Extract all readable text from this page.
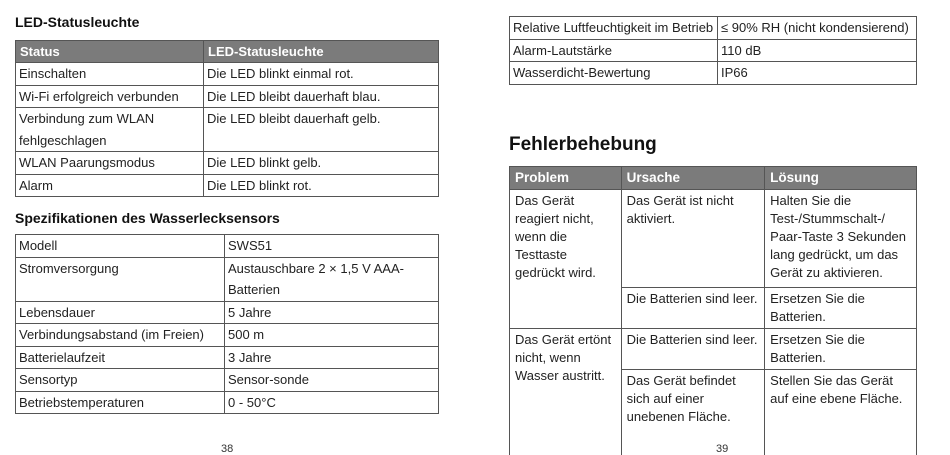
LED-Statusleuchte
Status	LED-Statusleuchte
Einschalten	Die LED blinkt einmal rot.
Wi-Fi erfolgreich verbunden	Die LED bleibt dauerhaft blau.
Verbindung zum WLAN fehlgeschlagen	Die LED bleibt dauerhaft gelb.
WLAN Paarungsmodus	Die LED blinkt gelb.
Alarm	Die LED blinkt rot.
Spezifikationen des Wasserlecksensors
Modell	SWS51
Stromversorgung	Austauschbare 2 × 1,5 V AAA-Batterien
Lebensdauer	5 Jahre
Verbindungsabstand (im Freien)	500 m
Batterielaufzeit	3 Jahre
Sensortyp	Sensor-sonde
Betriebstemperaturen	0 - 50°C
38
Relative Luftfeuchtigkeit im Betrieb	≤ 90% RH (nicht kondensierend)
Alarm-Lautstärke	110 dB
Wasserdicht-Bewertung	IP66
Fehlerbehebung
Problem	Ursache	Lösung
Das Gerät reagiert nicht, wenn die Testtaste gedrückt wird.	Das Gerät ist nicht aktiviert.	Halten Sie die Test-/Stummschalt-/ Paar-Taste 3 Sekunden lang gedrückt, um das Gerät zu aktivieren.
	Die Batterien sind leer.	Ersetzen Sie die Batterien.
Das Gerät ertönt nicht, wenn Wasser austritt.	Die Batterien sind leer.	Ersetzen Sie die Batterien.
	Das Gerät befindet sich auf einer unebenen Fläche.	Stellen Sie das Gerät auf eine ebene Fläche.
39
